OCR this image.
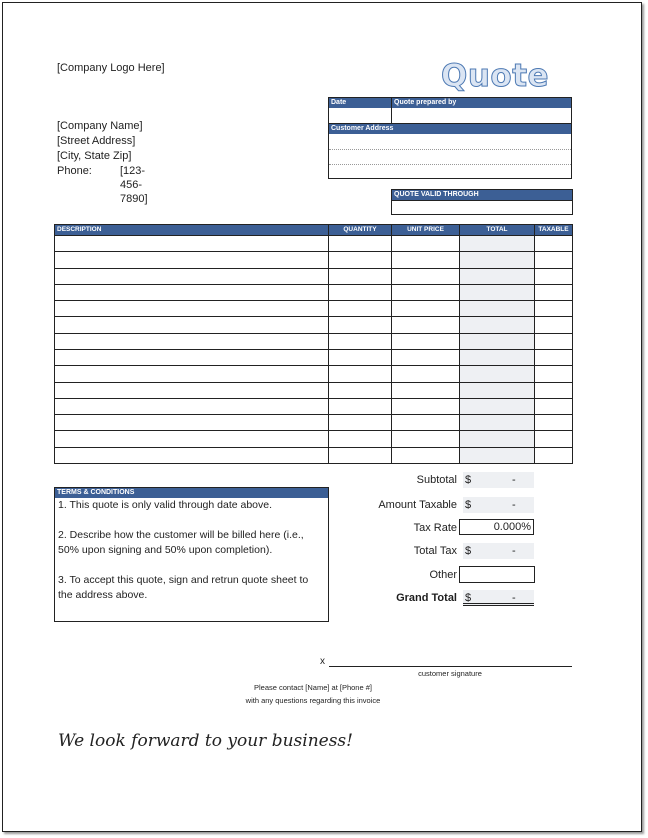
[Company Logo Here]	Quote
[Company Name]
[Street Address]
[City, State Zip]
Phone:	[123-456-7890]
Date	Quote prepared by
Customer Address
QUOTE VALID THROUGH
DESCRIPTION	QUANTITY	UNIT PRICE	TOTAL	TAXABLE
TERMS & CONDITIONS

1. This quote is only valid through date above.

2. Describe how the customer will be billed here (i.e., 50% upon signing and 50% upon completion).

3. To accept this quote, sign and retrun quote sheet to the address above.

Subtotal $	-
Amount Taxable $	-
Tax Rate	0.000%
Total Tax $	-
Other
Grand Total $	-
x
customer signature
Please contact [Name] at [Phone #]
with any questions regarding this invoice
We look forward to your business!
